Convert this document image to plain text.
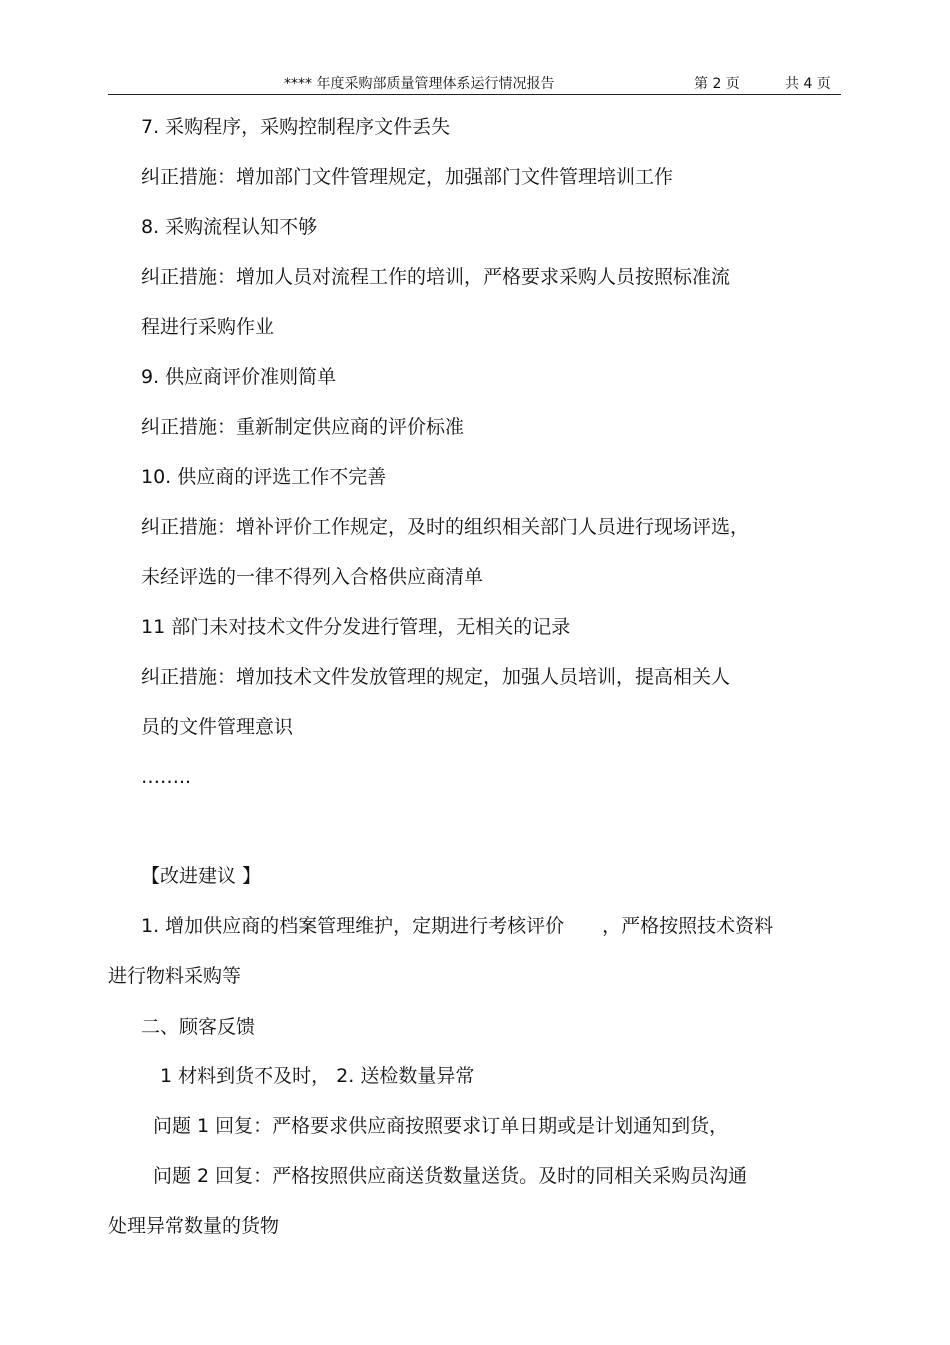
**** 年度采购部质量管理体系运行情况报告	第 2 页	共 4 页
7. 采购程序，采购控制程序文件丢失
纠正措施：增加部门文件管理规定，加强部门文件管理培训工作
8. 采购流程认知不够
纠正措施：增加人员对流程工作的培训，严格要求采购人员按照标准流
程进行采购作业
9. 供应商评价准则简单
纠正措施：重新制定供应商的评价标准
10. 供应商的评选工作不完善
纠正措施：增补评价工作规定，及时的组织相关部门人员进行现场评选，
未经评选的一律不得列入合格供应商清单
11 部门未对技术文件分发进行管理，无相关的记录
纠正措施：增加技术文件发放管理的规定，加强人员培训，提高相关人
员的文件管理意识
……..
【改进建议 】
1. 增加供应商的档案管理维护，定期进行考核评价　　，严格按照技术资料
进行物料采购等
二、顾客反馈
1 材料到货不及时， 2. 送检数量异常
问题 1 回复：严格要求供应商按照要求订单日期或是计划通知到货，
问题 2 回复：严格按照供应商送货数量送货。及时的同相关采购员沟通
处理异常数量的货物
